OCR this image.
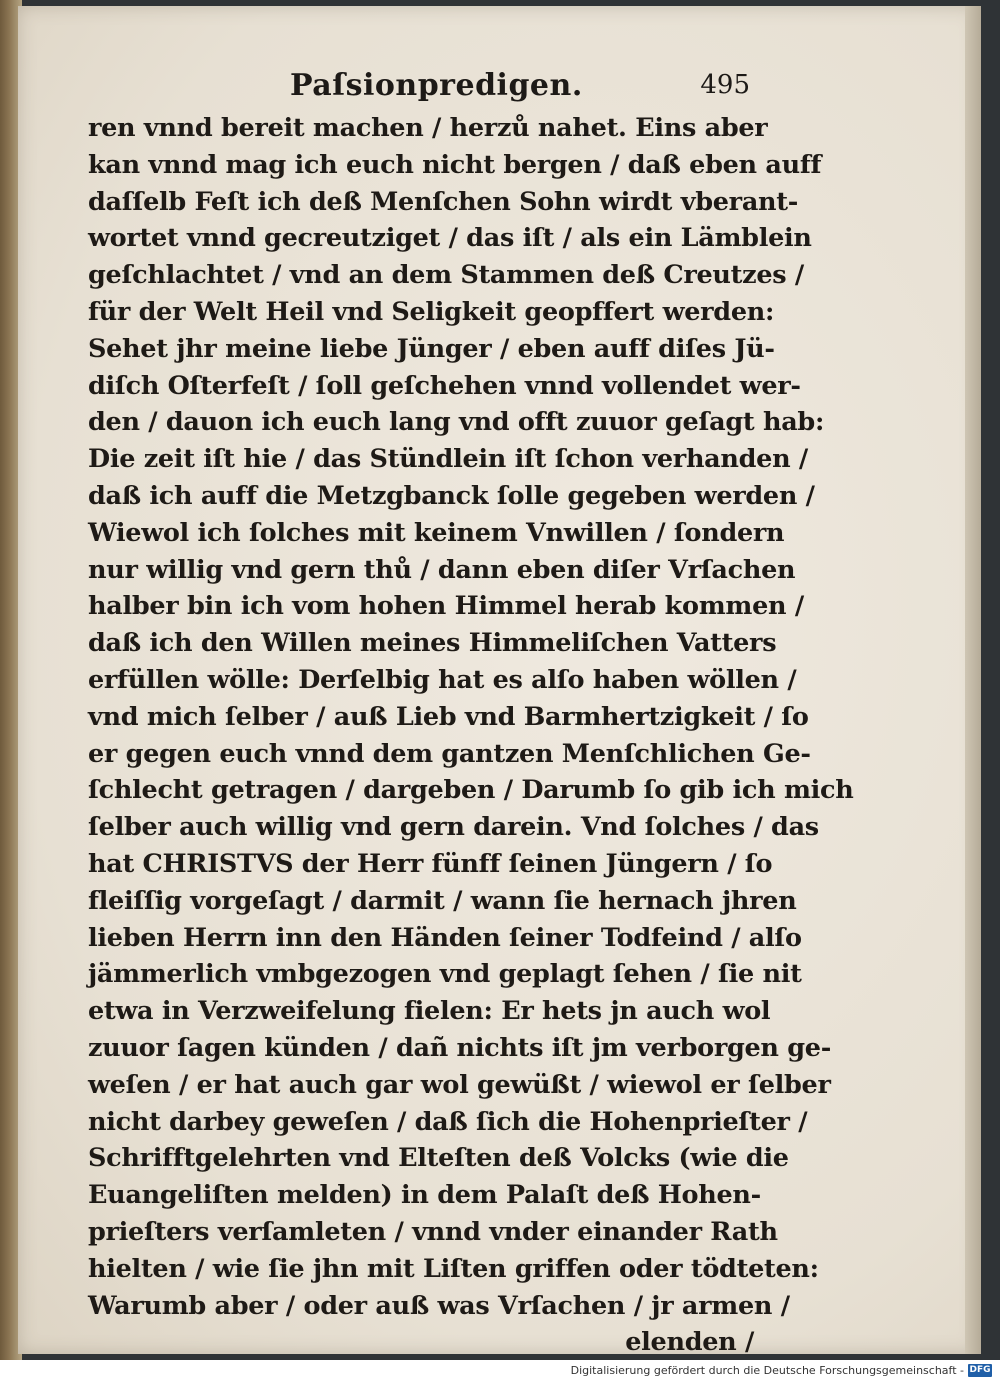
Paſsionpredigen.	495
ren vnnd bereit machen / herzů nahet. Eins aber
kan vnnd mag ich euch nicht bergen / daß eben auff
daſſelb Feſt ich deß Menſchen Sohn wirdt vberant-
wortet vnnd gecreutziget / das iſt / als ein Lämblein
geſchlachtet / vnd an dem Stammen deß Creutzes /
für der Welt Heil vnd Seligkeit geopffert werden:
Sehet jhr meine liebe Jünger / eben auff diſes Jü-
diſch Oſterfeſt / ſoll geſchehen vnnd vollendet wer-
den / dauon ich euch lang vnd offt zuuor geſagt hab:
Die zeit iſt hie / das Stündlein iſt ſchon verhanden /
daß ich auff die Metzgbanck ſolle gegeben werden /
Wiewol ich ſolches mit keinem Vnwillen / ſondern
nur willig vnd gern thů / dann eben diſer Vrſachen
halber bin ich vom hohen Himmel herab kommen /
daß ich den Willen meines Himmeliſchen Vatters
erfüllen wölle: Derſelbig hat es alſo haben wöllen /
vnd mich ſelber / auß Lieb vnd Barmhertzigkeit / ſo
er gegen euch vnnd dem gantzen Menſchlichen Ge-
ſchlecht getragen / dargeben / Darumb ſo gib ich mich
ſelber auch willig vnd gern darein. Vnd ſolches / das
hat CHRISTVS der Herr fünff ſeinen Jüngern / ſo
fleiſſig vorgeſagt / darmit / wann ſie hernach jhren
lieben Herrn inn den Händen ſeiner Todfeind / alſo
jämmerlich vmbgezogen vnd geplagt ſehen / ſie nit
etwa in Verzweifelung fielen: Er hets jn auch wol
zuuor ſagen künden / dañ nichts iſt jm verborgen ge-
weſen / er hat auch gar wol gewüßt / wiewol er ſelber
nicht darbey geweſen / daß ſich die Hohenprieſter /
Schrifftgelehrten vnd Elteſten deß Volcks (wie die
Euangeliſten melden) in dem Palaſt deß Hohen-
prieſters verſamleten / vnnd vnder einander Rath
hielten / wie ſie jhn mit Liſten griffen oder tödteten:
Warumb aber / oder auß was Vrſachen / jr armen /
elenden /
Digitalisierung gefördert durch die Deutsche Forschungsgemeinschaft - DFG
